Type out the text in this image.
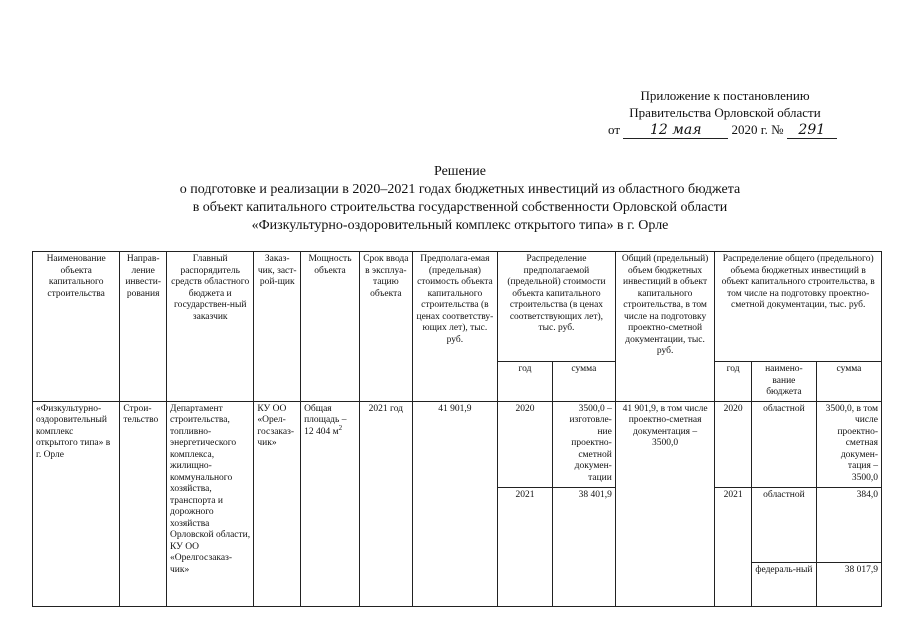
Приложение к постановлению
Правительства Орловской области
от 12 мая 2020 г. № 291
Решение
о подготовке и реализации в 2020–2021 годах бюджетных инвестиций из областного бюджета
в объект капитального строительства государственной собственности Орловской области
«Физкультурно-оздоровительный комплекс открытого типа» в г. Орле
Наименование объекта капитального строительства	Направ-ление инвести-рования	Главный распорядитель средств областного бюджета и государствен-ный заказчик	Заказ-чик, заст-рой-щик	Мощность объекта	Срок ввода в эксплуа-тацию объекта	Предполага-емая (предельная) стоимость объекта капитального строительства (в ценах соответству-ющих лет), тыс. руб.	Распределение предполагаемой (предельной) стоимости объекта капитального строительства (в ценах соответствующих лет), тыс. руб.		Общий (предельный) объем бюджетных инвестиций в объект капитального строительства, в том числе на подготовку проектно-сметной документации, тыс. руб.	Распределение общего (предельного) объема бюджетных инвестиций в объект капитального строительства, в том числе на подготовку проектно-сметной документации, тыс. руб.		
							год	сумма		год	наимено-вание бюджета	сумма
«Физкультурно-оздоровительный комплекс открытого типа» в г. Орле	Строи-тельство	Департамент строительства, топливно-энергетического комплекса, жилищно-коммунального хозяйства, транспорта и дорожного хозяйства Орловской области, КУ ОО «Орелгосзаказ-чик»	КУ ОО «Орел-госзаказ-чик»	Общая площадь – 12 404 $м^2$	2021 год	41 901,9	2020	3500,0 – изготовле-ние проектно-сметной докумен-тации	41 901,9, в том числе проектно-сметная документация – 3500,0	2020	областной	3500,0, в том числе проектно-сметная докумен-тация – 3500,0
							2021	38 401,9		2021	областной	384,0
											федераль-ный	38 017,9
